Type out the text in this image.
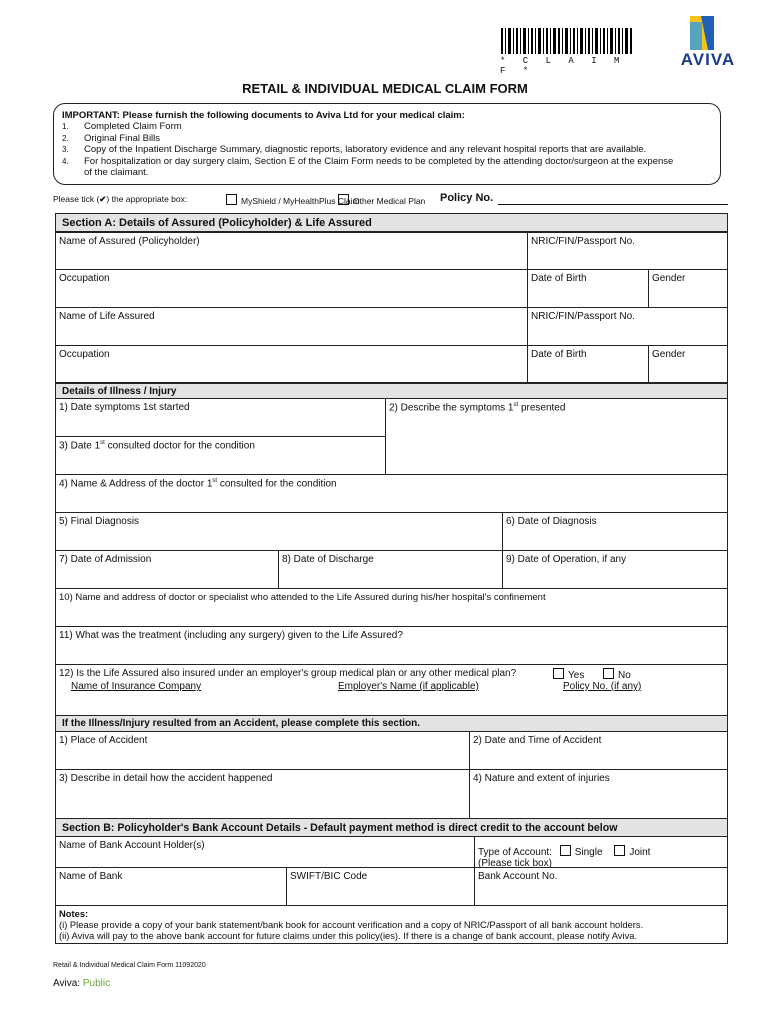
* C L A I M F *
AVIVA
RETAIL & INDIVIDUAL MEDICAL CLAIM FORM
IMPORTANT: Please furnish the following documents to Aviva Ltd for your medical claim:
1. Completed Claim Form
2. Original Final Bills
3. Copy of the Inpatient Discharge Summary, diagnostic reports, laboratory evidence and any relevant hospital reports that are available.
4. For hospitalization or day surgery claim, Section E of the Claim Form needs to be completed by the attending doctor/surgeon at the expense
of the claimant.
Please tick (✔) the appropriate box:	MyShield / MyHealthPlus Claim
Other Medical Plan Policy No.
Section A: Details of Assured (Policyholder) & Life Assured
Name of Assured (Policyholder)	NRIC/FIN/Passport No.
Occupation	Date of Birth	Gender
Name of Life Assured	NRIC/FIN/Passport No.
Occupation	Date of Birth	Gender
Details of Illness / Injury
1) Date symptoms 1st started	2) Describe the symptoms 1st presented
3) Date 1st consulted doctor for the condition
4) Name & Address of the doctor 1st consulted for the condition
5) Final Diagnosis	6) Date of Diagnosis
7) Date of Admission	8) Date of Discharge	9) Date of Operation, if any
10) Name and address of doctor or specialist who attended to the Life Assured during his/her hospital's confinement
11) What was the treatment (including any surgery) given to the Life Assured?
12) Is the Life Assured also insured under an employer's group medical plan or any other medical plan?	Yes	No
Name of Insurance Company	Employer's Name (if applicable)	Policy No. (if any)
If the Illness/Injury resulted from an Accident, please complete this section.
1) Place of Accident	2) Date and Time of Accident
3) Describe in detail how the accident happened	4) Nature and extent of injuries
Section B: Policyholder's Bank Account Details - Default payment method is direct credit to the account below
Name of Bank Account Holder(s)
Type of Account: Single	Joint
(Please tick box)
Name of Bank	SWIFT/BIC Code	Bank Account No.
Notes:
(i) Please provide a copy of your bank statement/bank book for account verification and a copy of NRIC/Passport of all bank account holders.
(ii) Aviva will pay to the above bank account for future claims under this policy(ies). If there is a change of bank account, please notify Aviva.
Retail & Individual Medical Claim Form 11092020
Aviva: Public
